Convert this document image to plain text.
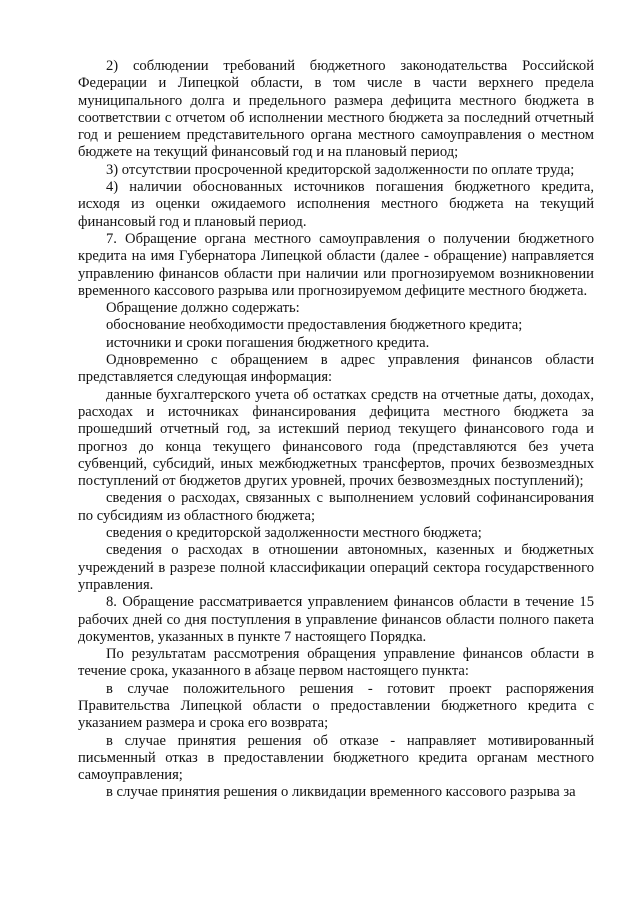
2) соблюдении требований бюджетного законодательства Российской Федерации и Липецкой области, в том числе в части верхнего предела муниципального долга и предельного размера дефицита местного бюджета в соответствии с отчетом об исполнении местного бюджета за последний отчетный год и решением представительного органа местного самоуправления о местном бюджете на текущий финансовый год и на плановый период;

3) отсутствии просроченной кредиторской задолженности по оплате труда;

4) наличии обоснованных источников погашения бюджетного кредита, исходя из оценки ожидаемого исполнения местного бюджета на текущий финансовый год и плановый период.

7. Обращение органа местного самоуправления о получении бюджетного кредита на имя Губернатора Липецкой области (далее - обращение) направляется управлению финансов области при наличии или прогнозируемом возникновении временного кассового разрыва или прогнозируемом дефиците местного бюджета.

Обращение должно содержать:

обоснование необходимости предоставления бюджетного кредита;

источники и сроки погашения бюджетного кредита.

Одновременно с обращением в адрес управления финансов области представляется следующая информация:

данные бухгалтерского учета об остатках средств на отчетные даты, доходах, расходах и источниках финансирования дефицита местного бюджета за прошедший отчетный год, за истекший период текущего финансового года и прогноз до конца текущего финансового года (представляются без учета субвенций, субсидий, иных межбюджетных трансфертов, прочих безвозмездных поступлений от бюджетов других уровней, прочих безвозмездных поступлений);

сведения о расходах, связанных с выполнением условий софинансирования по субсидиям из областного бюджета;

сведения о кредиторской задолженности местного бюджета;

сведения о расходах в отношении автономных, казенных и бюджетных учреждений в разрезе полной классификации операций сектора государственного управления.

8. Обращение рассматривается управлением финансов области в течение 15 рабочих дней со дня поступления в управление финансов области полного пакета документов, указанных в пункте 7 настоящего Порядка.

По результатам рассмотрения обращения управление финансов области в течение срока, указанного в абзаце первом настоящего пункта:

в случае положительного решения - готовит проект распоряжения Правительства Липецкой области о предоставлении бюджетного кредита с указанием размера и срока его возврата;

в случае принятия решения об отказе - направляет мотивированный письменный отказ в предоставлении бюджетного кредита органам местного самоуправления;

в случае принятия решения о ликвидации временного кассового разрыва за
